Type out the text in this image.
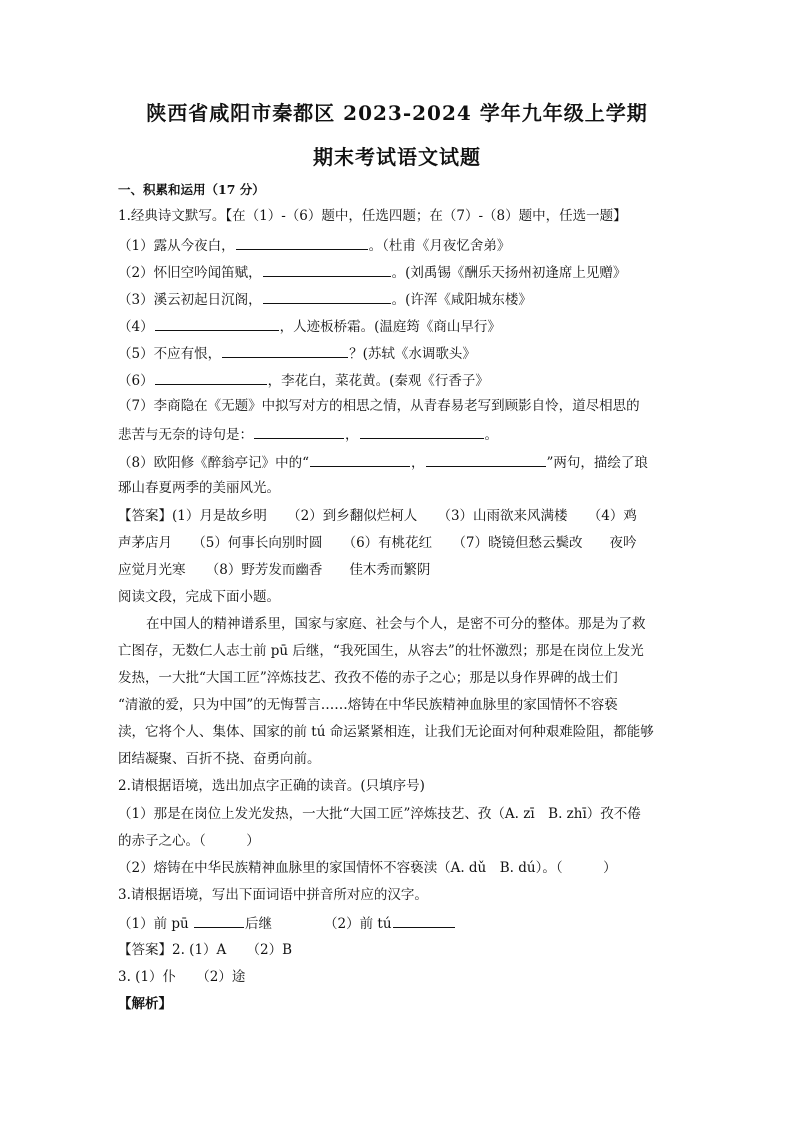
陕西省咸阳市秦都区 2023-2024 学年九年级上学期
期末考试语文试题
一、积累和运用（17 分）
1.经典诗文默写。【在（1）-（6）题中，任选四题；在（7）-（8）题中，任选一题】
（1）露从今夜白，	。（杜甫《月夜忆舍弟》
（2）怀旧空吟闻笛赋，	。(刘禹锡《酬乐天扬州初逢席上见赠》
（3）溪云初起日沉阁，	。(许浑《咸阳城东楼》
（4）	，人迹板桥霜。(温庭筠《商山早行》
（5）不应有恨，	？(苏轼《水调歌头》
（6）	，李花白，菜花黄。(秦观《行香子》
（7）李商隐在《无题》中拟写对方的相思之情，从青春易老写到顾影自怜，道尽相思的
悲苦与无奈的诗句是：	，	。
（8）欧阳修《醉翁亭记》中的“	，	”两句，描绘了琅
琊山春夏两季的美丽风光。
【答案】(1）月是故乡明　　（2）到乡翻似烂柯人　　（3）山雨欲来风满楼　　（4）鸡
声茅店月　　（5）何事长向别时圆　　（6）有桃花红　　（7）晓镜但愁云鬓改　　夜吟
应觉月光寒　　（8）野芳发而幽香　　佳木秀而繁阴
阅读文段，完成下面小题。
在中国人的精神谱系里，国家与家庭、社会与个人，是密不可分的整体。那是为了救
亡图存，无数仁人志士前 pū 后继，“我死国生，从容去”的壮怀激烈；那是在岗位上发光
发热，一大批“大国工匠”淬炼技艺、孜孜不倦的赤子之心；那是以身作界碑的战士们
“清澈的爱，只为中国”的无悔誓言……熔铸在中华民族精神血脉里的家国情怀不容亵
渎，它将个人、集体、国家的前 tú 命运紧紧相连，让我们无论面对何种艰难险阻，都能够
团结凝聚、百折不挠、奋勇向前。
2.请根据语境，选出加点字正确的读音。(只填序号)
（1）那是在岗位上发光发热，一大批“大国工匠”淬炼技艺、孜（A. zī　B. zhī）孜不倦
的赤子之心。（　　　）
（2）熔铸在中华民族精神血脉里的家国情怀不容亵渎（A. dǔ　B. dú）。（　　　）
3.请根据语境，写出下面词语中拼音所对应的汉字。
（1）前 pū	后继	（2）前 tú
【答案】2. (1）A　　（2）B
3. (1）仆　　（2）途
【解析】
